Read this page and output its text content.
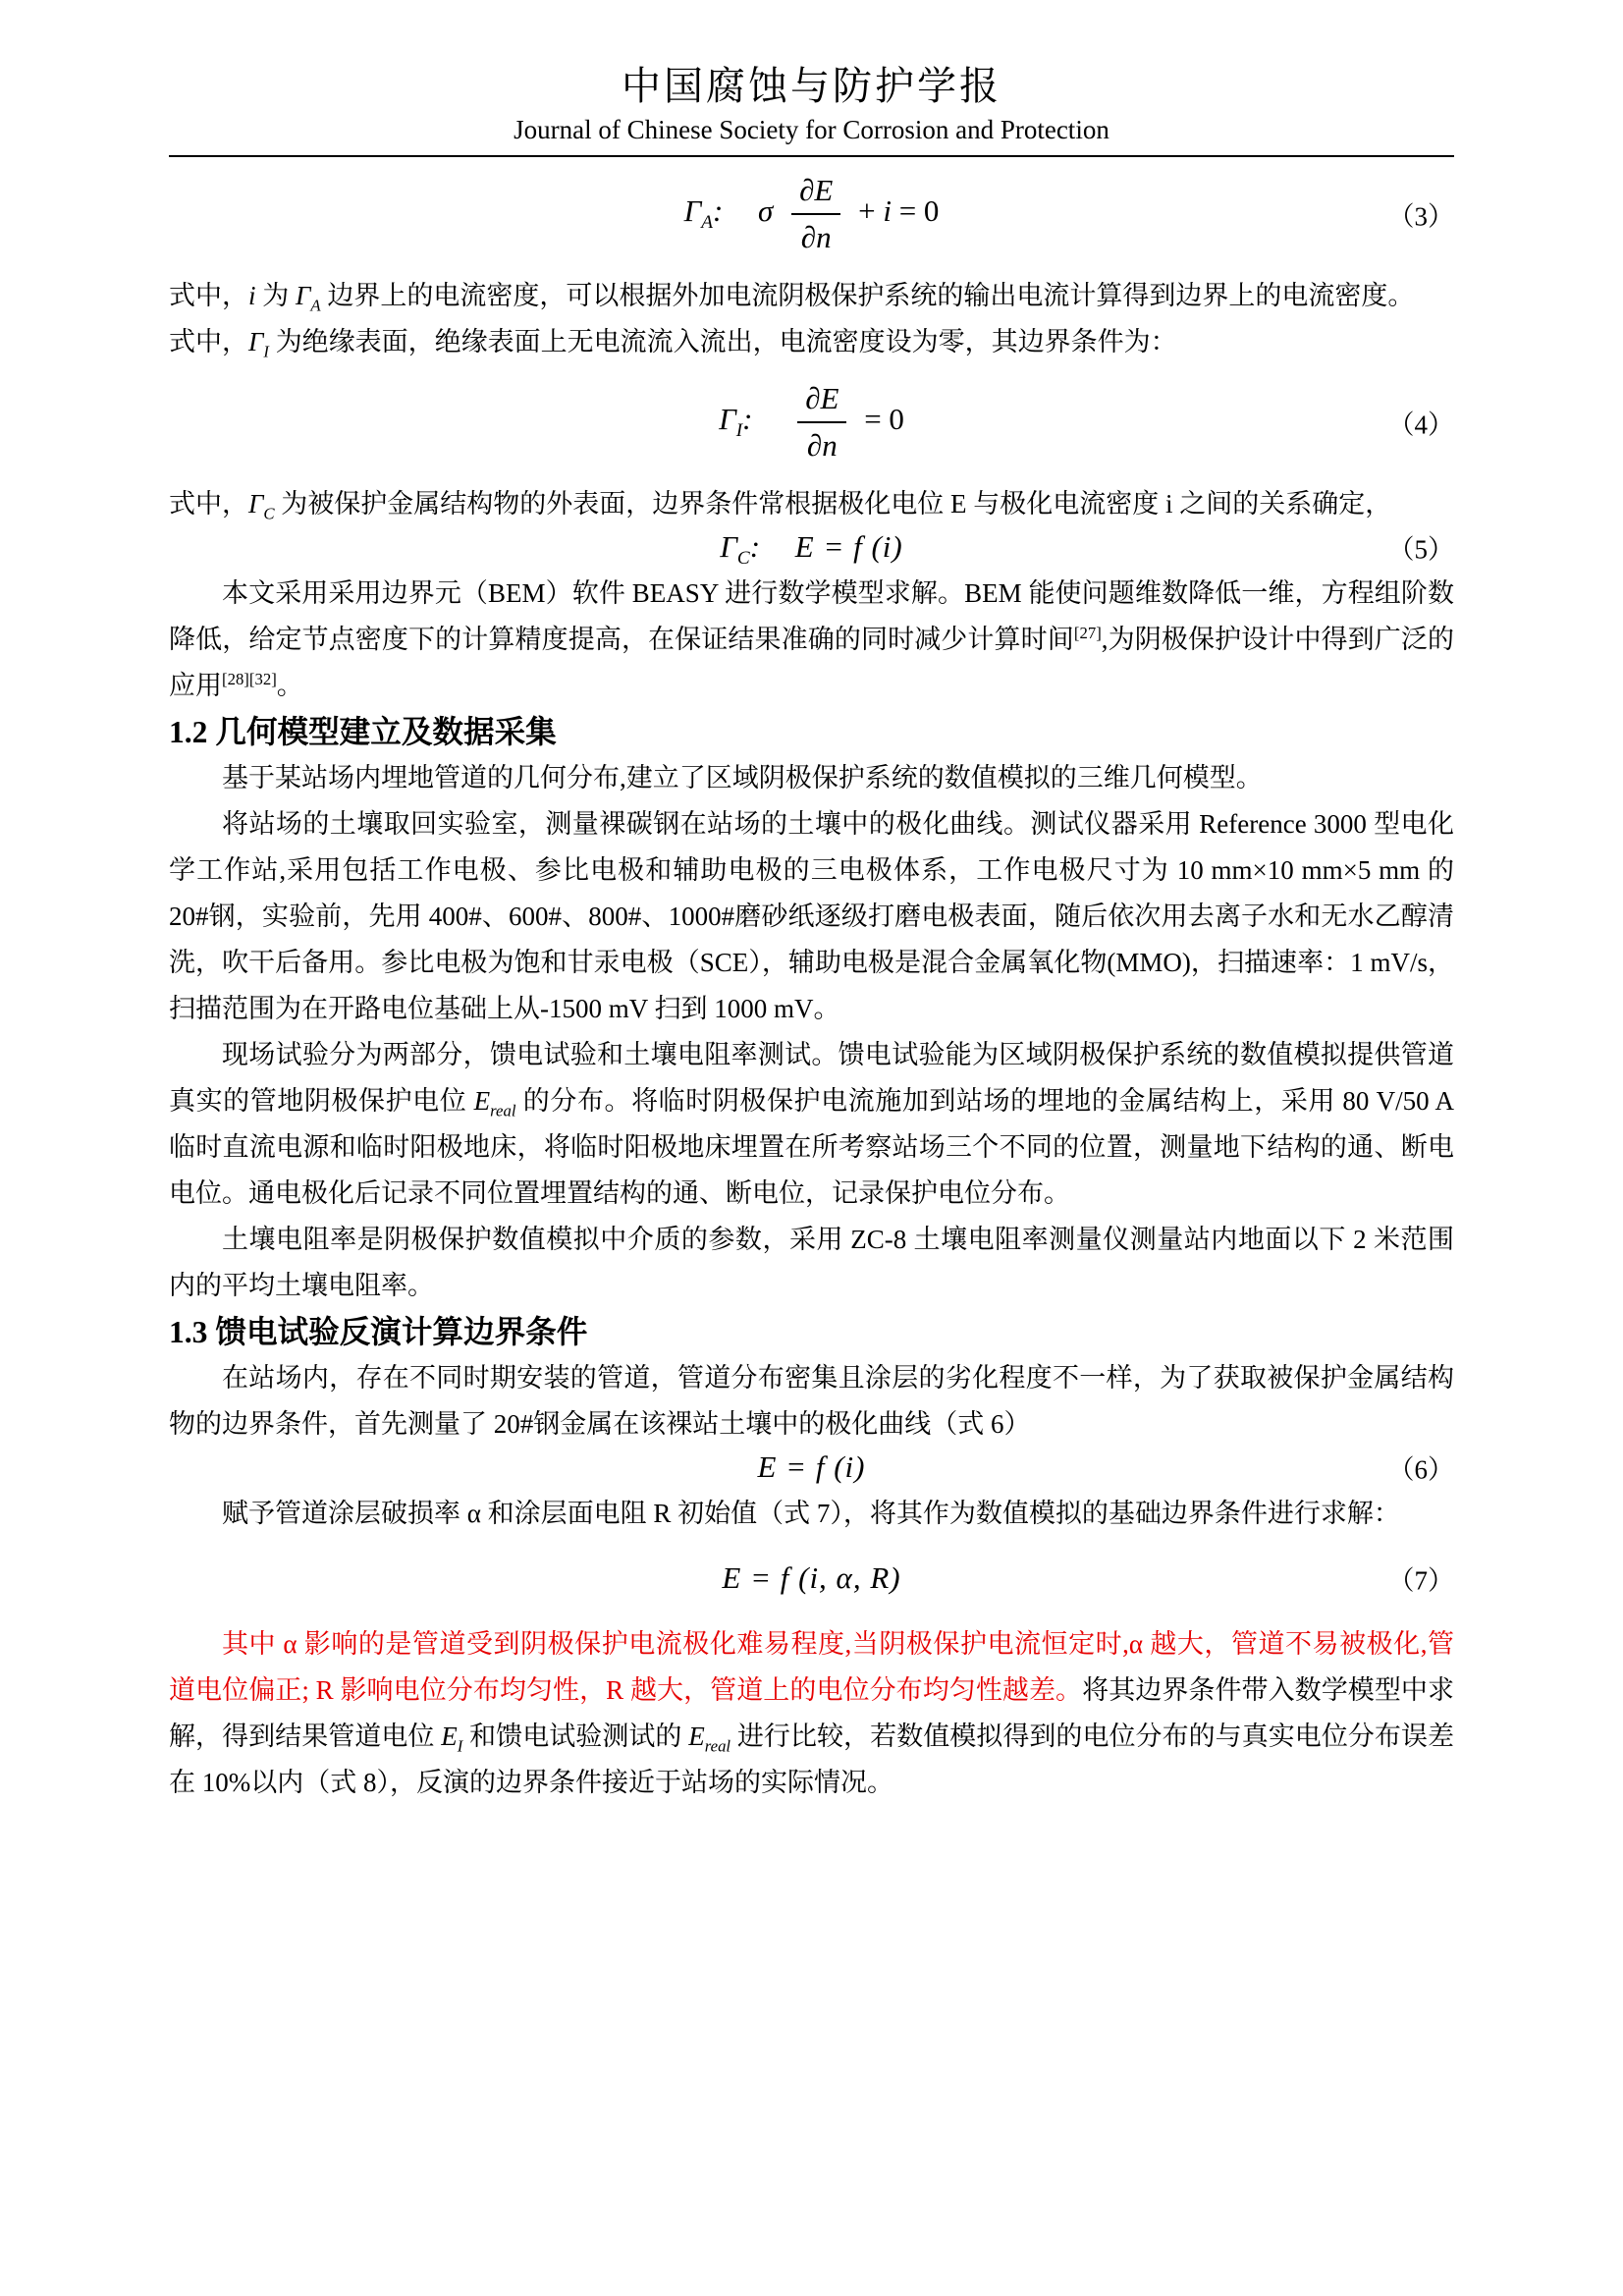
中国腐蚀与防护学报
Journal of Chinese Society for Corrosion and Protection
$\Gamma_A$: σ $\frac{\partial E}{\partial n} + i = 0$	（3）

式中，i 为 $\Gamma_A$ 边界上的电流密度，可以根据外加电流阴极保护系统的输出电流计算得到边界上的电流密度。

式中，$\Gamma_I$ 为绝缘表面，绝缘表面上无电流流入流出，电流密度设为零，其边界条件为：

$\Gamma_I$: $\frac{\partial E}{\partial n} = 0$	（4）

式中，$\Gamma_C$ 为被保护金属结构物的外表面，边界条件常根据极化电位 E 与极化电流密度 i 之间的关系确定，

$\Gamma_C$: E = f (i)	（5）

本文采用采用边界元（BEM）软件 BEASY 进行数学模型求解。BEM 能使问题维数降低一维，方程组阶数降低，给定节点密度下的计算精度提高，在保证结果准确的同时减少计算时间[27],为阴极保护设计中得到广泛的应用[28][32]。

1.2 几何模型建立及数据采集

基于某站场内埋地管道的几何分布,建立了区域阴极保护系统的数值模拟的三维几何模型。

将站场的土壤取回实验室，测量裸碳钢在站场的土壤中的极化曲线。测试仪器采用 Reference 3000 型电化学工作站,采用包括工作电极、参比电极和辅助电极的三电极体系，工作电极尺寸为 10 mm×10 mm×5 mm 的 20#钢，实验前，先用 400#、600#、800#、1000#磨砂纸逐级打磨电极表面，随后依次用去离子水和无水乙醇清洗，吹干后备用。参比电极为饱和甘汞电极（SCE），辅助电极是混合金属氧化物(MMO)，扫描速率：1 mV/s，扫描范围为在开路电位基础上从-1500 mV 扫到 1000 mV。

现场试验分为两部分，馈电试验和土壤电阻率测试。馈电试验能为区域阴极保护系统的数值模拟提供管道真实的管地阴极保护电位 $E_{real}$ 的分布。将临时阴极保护电流施加到站场的埋地的金属结构上，采用 80 V/50 A 临时直流电源和临时阳极地床，将临时阳极地床埋置在所考察站场三个不同的位置，测量地下结构的通、断电电位。通电极化后记录不同位置埋置结构的通、断电位，记录保护电位分布。

土壤电阻率是阴极保护数值模拟中介质的参数，采用 ZC-8 土壤电阻率测量仪测量站内地面以下 2 米范围内的平均土壤电阻率。

1.3 馈电试验反演计算边界条件

在站场内，存在不同时期安装的管道，管道分布密集且涂层的劣化程度不一样，为了获取被保护金属结构物的边界条件，首先测量了 20#钢金属在该裸站土壤中的极化曲线（式 6）

E = f (i)	（6）

赋予管道涂层破损率 α 和涂层面电阻 R 初始值（式 7），将其作为数值模拟的基础边界条件进行求解：

E = f (i, α, R)	（7）

其中 α 影响的是管道受到阴极保护电流极化难易程度,当阴极保护电流恒定时,α 越大，管道不易被极化,管道电位偏正; R 影响电位分布均匀性，R 越大，管道上的电位分布均匀性越差。将其边界条件带入数学模型中求解，得到结果管道电位 $E_I$ 和馈电试验测试的 $E_{real}$ 进行比较，若数值模拟得到的电位分布的与真实电位分布误差在 10%以内（式 8），反演的边界条件接近于站场的实际情况。
